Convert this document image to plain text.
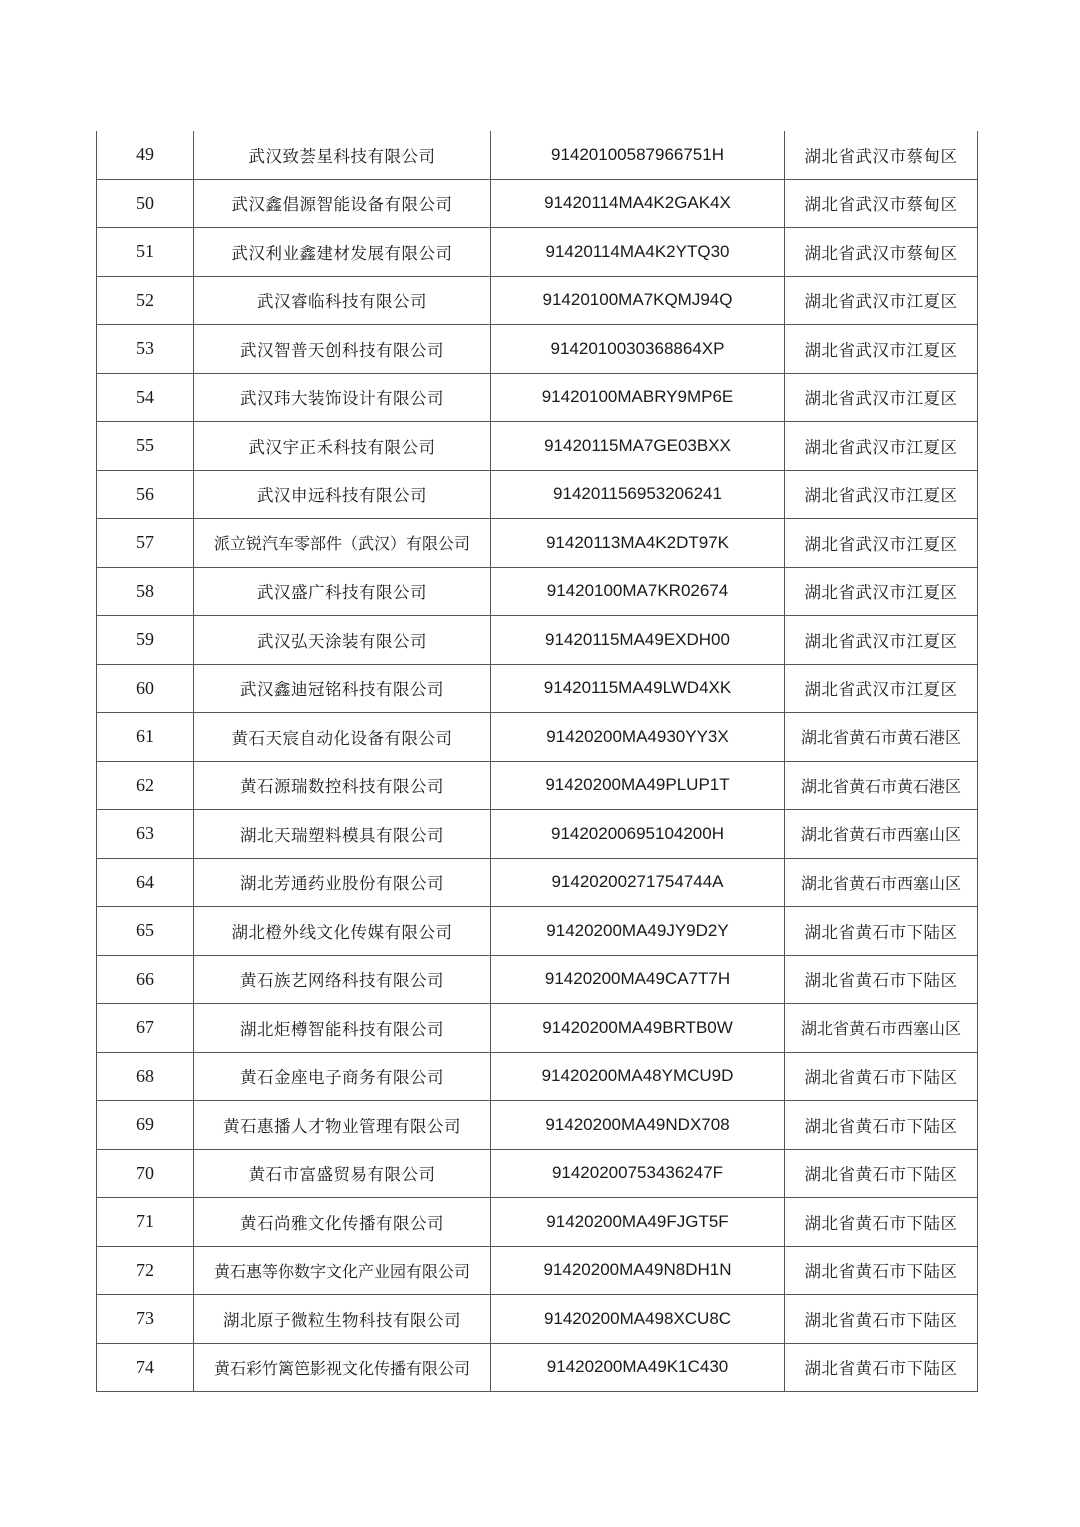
49	武汉致荟星科技有限公司	91420100587966751H	湖北省武汉市蔡甸区
50	武汉鑫倡源智能设备有限公司	91420114MA4K2GAK4X	湖北省武汉市蔡甸区
51	武汉利业鑫建材发展有限公司	91420114MA4K2YTQ30	湖北省武汉市蔡甸区
52	武汉睿临科技有限公司	91420100MA7KQMJ94Q	湖北省武汉市江夏区
53	武汉智普天创科技有限公司	9142010030368864XP	湖北省武汉市江夏区
54	武汉玮大装饰设计有限公司	91420100MABRY9MP6E	湖北省武汉市江夏区
55	武汉宇正禾科技有限公司	91420115MA7GE03BXX	湖北省武汉市江夏区
56	武汉申远科技有限公司	914201156953206241	湖北省武汉市江夏区
57	派立锐汽车零部件（武汉）有限公司	91420113MA4K2DT97K	湖北省武汉市江夏区
58	武汉盛广科技有限公司	91420100MA7KR02674	湖北省武汉市江夏区
59	武汉弘天涂装有限公司	91420115MA49EXDH00	湖北省武汉市江夏区
60	武汉鑫迪冠铭科技有限公司	91420115MA49LWD4XK	湖北省武汉市江夏区
61	黄石天宸自动化设备有限公司	91420200MA4930YY3X	湖北省黄石市黄石港区
62	黄石源瑞数控科技有限公司	91420200MA49PLUP1T	湖北省黄石市黄石港区
63	湖北天瑞塑料模具有限公司	91420200695104200H	湖北省黄石市西塞山区
64	湖北芳通药业股份有限公司	91420200271754744A	湖北省黄石市西塞山区
65	湖北橙外线文化传媒有限公司	91420200MA49JY9D2Y	湖北省黄石市下陆区
66	黄石族艺网络科技有限公司	91420200MA49CA7T7H	湖北省黄石市下陆区
67	湖北炬樽智能科技有限公司	91420200MA49BRTB0W	湖北省黄石市西塞山区
68	黄石金座电子商务有限公司	91420200MA48YMCU9D	湖北省黄石市下陆区
69	黄石惠播人才物业管理有限公司	91420200MA49NDX708	湖北省黄石市下陆区
70	黄石市富盛贸易有限公司	91420200753436247F	湖北省黄石市下陆区
71	黄石尚雅文化传播有限公司	91420200MA49FJGT5F	湖北省黄石市下陆区
72	黄石惠等你数字文化产业园有限公司	91420200MA49N8DH1N	湖北省黄石市下陆区
73	湖北原子微粒生物科技有限公司	91420200MA498XCU8C	湖北省黄石市下陆区
74	黄石彩竹篱笆影视文化传播有限公司	91420200MA49K1C430	湖北省黄石市下陆区
